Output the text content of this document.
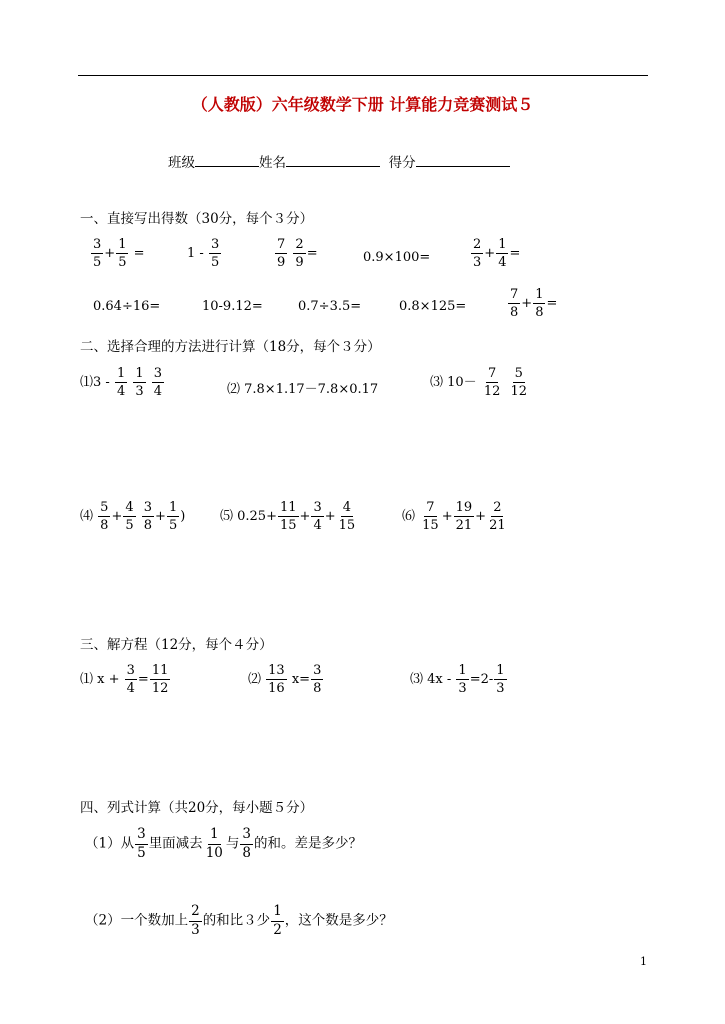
（人教版）六年级数学下册 计算能力竞赛测试５
班级	姓名	得分
一、直接写出得数（30分，每个３分）
$\frac{3}{5} + \frac{1}{5}$ =	$1 - \frac{3}{5}$	$\frac{7}{9}$
$\frac{2}{9}$ =	0.9×100=	$\frac{2}{3} + \frac{1}{4}$ =
0.64÷16=	10-9.12=	0.7÷3.5=	0.8×125=	$\frac{7}{8} + \frac{1}{8}$ =
二、选择合理的方法进行计算（18分，每个３分）
⑴3 - $\frac{1}{4}$
$\frac{1}{3}$
$\frac{3}{4}$	⑵ 7.8×1.17－7.8×0.17	⑶ $10- \frac{7}{12}$
$\frac{5}{12}$
⑷ $\frac{5}{8} + \frac{4}{5}$
$\frac{3}{8} + \frac{1}{5}$ )	⑸ $0.25+ \frac{11}{15} + \frac{3}{4} + \frac{4}{15}$	⑹ $\frac{7}{15} + \frac{19}{21} + \frac{2}{21}$
三、解方程（12分，每个４分）
⑴ $x + \frac{3}{4} = \frac{11}{12}$	⑵ $\frac{13}{16} x= \frac{3}{8}$	⑶ $4x - \frac{1}{3} =2- \frac{1}{3}$
四、列式计算（共20分，每小题５分）
（1）从 $\frac{3}{5}$ 里面减去 $\frac{1}{10}$ 与 $\frac{3}{8}$ 的和。差是多少？
（2）一个数加上 $\frac{2}{3}$ 的和比３少 $\frac{1}{2}$ ，这个数是多少？
1
